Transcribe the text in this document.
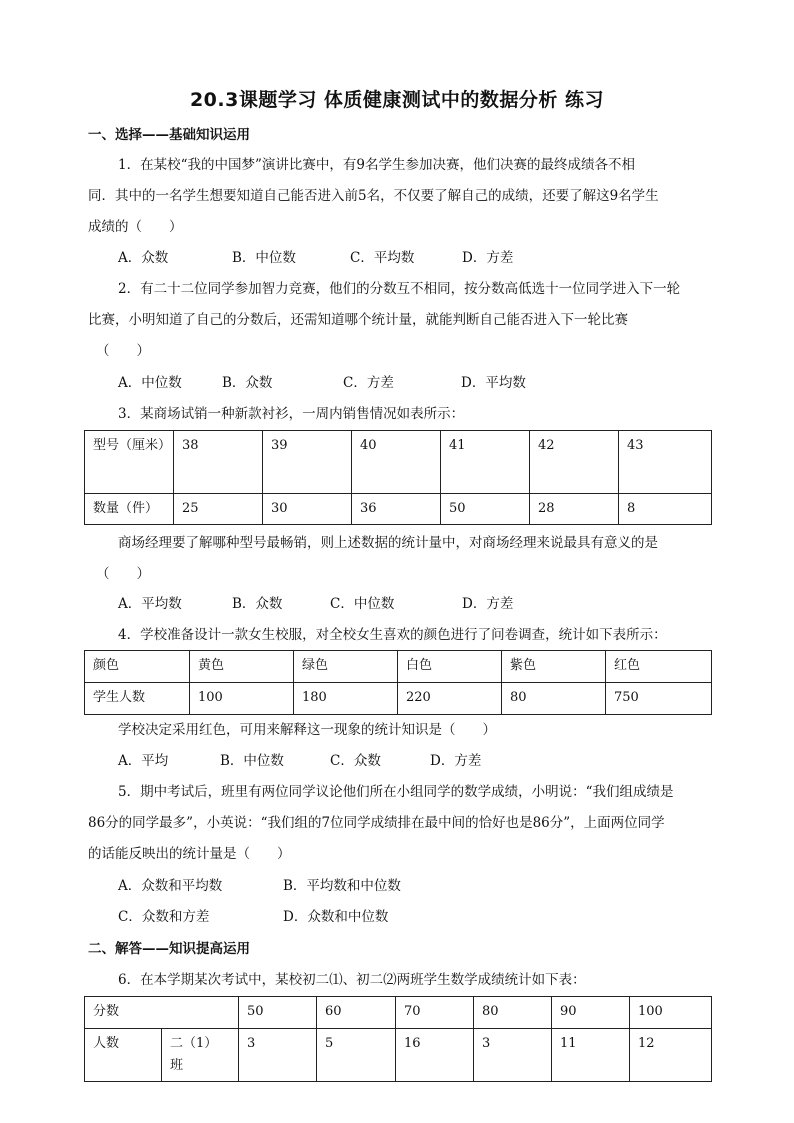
20.3课题学习 体质健康测试中的数据分析 练习
一、选择——基础知识运用
1．在某校“我的中国梦”演讲比赛中，有9名学生参加决赛，他们决赛的最终成绩各不相
同．其中的一名学生想要知道自己能否进入前5名，不仅要了解自己的成绩，还要了解这9名学生
成绩的（　　）
A．众数	B．中位数	C．平均数	D．方差
2．有二十二位同学参加智力竞赛，他们的分数互不相同，按分数高低选十一位同学进入下一轮
比赛，小明知道了自己的分数后，还需知道哪个统计量，就能判断自己能否进入下一轮比赛
（　　）
A．中位数	B．众数	C．方差	D．平均数
3．某商场试销一种新款衬衫，一周内销售情况如表所示：
型号（厘米）	38	39	40	41	42	43
数量（件）	25	30	36	50	28	8
商场经理要了解哪种型号最畅销，则上述数据的统计量中，对商场经理来说最具有意义的是
（　　）
A．平均数	B．众数	C．中位数	D．方差
4．学校准备设计一款女生校服，对全校女生喜欢的颜色进行了问卷调查，统计如下表所示：
颜色	黄色	绿色	白色	紫色	红色
学生人数	100	180	220	80	750
学校决定采用红色，可用来解释这一现象的统计知识是（　　）
A．平均	B．中位数	C．众数	D．方差
5．期中考试后，班里有两位同学议论他们所在小组同学的数学成绩，小明说：“我们组成绩是
86分的同学最多”，小英说：“我们组的7位同学成绩排在最中间的恰好也是86分”，上面两位同学
的话能反映出的统计量是（　　）
A．众数和平均数	B．平均数和中位数
C．众数和方差	D．众数和中位数
二、解答——知识提高运用
6．在本学期某次考试中，某校初二⑴、初二⑵两班学生数学成绩统计如下表：
分数		50	60	70	80	90	100
人数	二（1）班	3	5	16	3	11	12
